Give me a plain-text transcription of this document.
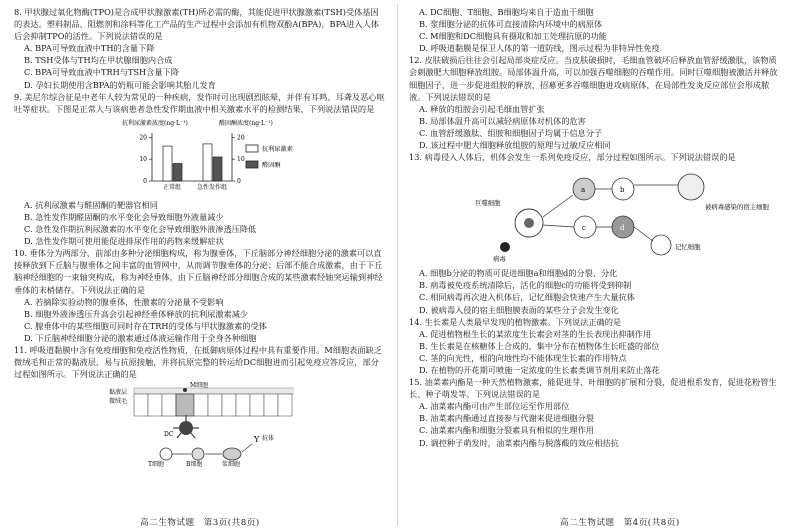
8. 甲状腺过氧化物酶(TPO)是合成甲状腺激素(TH)所必需的酶，其能促进甲状腺激素(TSH)受体基因的表达。塑料制品、阻燃剂和涂料等化工产品的生产过程中会添加有机物双酚A(BPA)，BPA进入人体后会抑制TPO的活性。下列说法错误的是

A. BPA可导致血液中TH的含量下降

B. TSH受体与TH均在甲状腺细胞内合成

C. BPA可导致血液中TRH与TSH含量下降

D. 孕妇长期使用含BPA的奶瓶可能会影响其胎儿发育

9. 美尼尔综合征是中老年人较为常见的一种疾病，发作时可出现剧烈眩晕，并伴有耳鸣、耳聋及恶心呕吐等症状。下图是正常人与该病患者急性发作期血液中相关激素水平的检测结果，下列说法错误的是

抗利尿激素浓度(ng·L⁻¹)	醛固酮浓度(ng·L⁻¹)
0
10
20
0
10
20
正常组	急性发作组
抗利尿激素
醛固酮

A. 抗利尿激素与醛固酮的靶器官相同

B. 急性发作期醛固酮的水平变化会导致细胞外液量减少

C. 急性发作期抗利尿激素的水平变化会导致细胞外液渗透压降低

D. 急性发作期可使用能促进排尿作用的药物来缓解症状

10. 垂体分为两部分，前部由多种分泌细胞构成，称为腺垂体，下丘脑部分神经细胞分泌的激素可以直接释放到下丘脑与腺垂体之间丰富的血管网中，从而调节腺垂体的分泌；后部不能合成激素，由于下丘脑神经细胞的一束轴突构成，称为神经垂体，由下丘脑神经部分细胞合成的某些激素经轴突运输到神经垂体的末梢储存。下列说法正确的是

A. 若摘除实验动物的腺垂体，性激素的分泌量不受影响

B. 细胞外液渗透压升高会引起神经垂体释放的抗利尿激素减少

C. 腺垂体中的某些细胞可同时存在TRH的受体与甲状腺激素的受体

D. 下丘脑神经细胞分泌的激素通过体液运输作用于全身各种细胞

11. 呼吸道黏膜中含有免疫细胞和免疫活性物质，在抵御病原体过程中具有重要作用。M细胞表面缺乏微绒毛和正常的黏液层，易与抗原接触，并将抗原完整的转运给DC细胞进而引起免疫应答反应，部分过程如图所示。下列说法正确的是

Y
黏液层
微绒毛
M细胞
DC
T细胞	B细胞	浆细胞
抗体

A. DC细胞、T细胞、B细胞均来自于造血干细胞

B. 浆细胞分泌的抗体可直接清除内环境中的病原体

C. M细胞和DC细胞具有摄取和加工处理抗原的功能

D. 呼吸道黏膜是保卫人体的第一道防线，图示过程为非特异性免疫

12. 皮肤破损后往往会引起局部炎症反应。当皮肤破损时，毛细血管破坏后释放血管舒缓激肽，该物质会刺激肥大细胞释放组胺。局部体温升高，可以加强吞噬细胞的吞噬作用。同时巨噬细胞被激活并释放细胞因子，进一步促进组胺的释放，招募更多吞噬细胞进攻病原体，在局部性发炎反应部位会形成脓液。下列说法错误的是

A. 释放的组胺会引起毛细血管扩张

B. 局部体温升高可以减轻病原体对机体的危害

C. 血管舒缓激肽、组胺和细胞因子均属于信息分子

D. 该过程中肥大细胞释放组胺的原理与过敏反应相同

13. 病毒侵入人体后，机体会发生一系列免疫反应，部分过程如图所示。下列说法错误的是

巨噬细胞
病毒
被病毒感染的宿主细胞
记忆细胞
a	b
c	d

A. 细胞b分泌的物质可促进细胞a和细胞d的分裂、分化

B. 病毒被免疫系统清除后，活化的细胞c的功能将受到抑制

C. 相同病毒再次进入机体后，记忆细胞会快速产生大量抗体

D. 被病毒入侵的宿主细胞膜表面的某些分子会发生变化

14. 生长素是人类最早发现的植物激素。下列说法正确的是

A. 促进植物根生长的某浓度生长素会对茎的生长表现出抑制作用

B. 生长素是在核糖体上合成的，集中分布在植物体生长旺盛的部位

C. 茎的向光性，根的向地性均不能体现生长素的作用特点

D. 在植物的开花期可喷施一定浓度的生长素类调节剂用来防止落花

15. 油菜素内酯是一种天然植物激素，能促进芽、叶细胞的扩展和分裂，促进根系发育，促进花粉管生长、种子萌发等。下列说法错误的是

A. 油菜素内酯可由产生部位运至作用部位

B. 油菜素内酯通过直接参与代谢来促进细胞分裂

C. 油菜素内酯和细胞分裂素具有相似的生理作用

D. 调控种子萌发时，油菜素内酯与脱落酸的效应相拮抗

高二生物试题　第3页(共8页)	高二生物试题　第4页(共8页)
